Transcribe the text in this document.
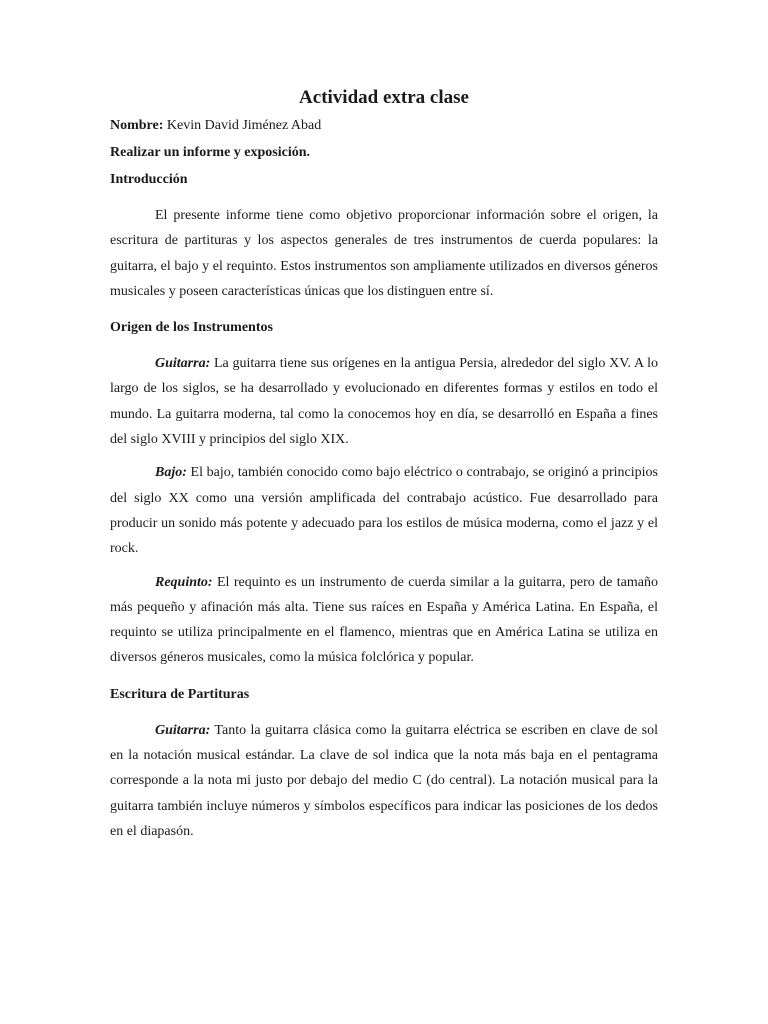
Actividad extra clase

Nombre: Kevin David Jiménez Abad

Realizar un informe y exposición.

Introducción

El presente informe tiene como objetivo proporcionar información sobre el origen, la escritura de partituras y los aspectos generales de tres instrumentos de cuerda populares: la guitarra, el bajo y el requinto. Estos instrumentos son ampliamente utilizados en diversos géneros musicales y poseen características únicas que los distinguen entre sí.

Origen de los Instrumentos

Guitarra: La guitarra tiene sus orígenes en la antigua Persia, alrededor del siglo XV. A lo largo de los siglos, se ha desarrollado y evolucionado en diferentes formas y estilos en todo el mundo. La guitarra moderna, tal como la conocemos hoy en día, se desarrolló en España a fines del siglo XVIII y principios del siglo XIX.

Bajo: El bajo, también conocido como bajo eléctrico o contrabajo, se originó a principios del siglo XX como una versión amplificada del contrabajo acústico. Fue desarrollado para producir un sonido más potente y adecuado para los estilos de música moderna, como el jazz y el rock.

Requinto: El requinto es un instrumento de cuerda similar a la guitarra, pero de tamaño más pequeño y afinación más alta. Tiene sus raíces en España y América Latina. En España, el requinto se utiliza principalmente en el flamenco, mientras que en América Latina se utiliza en diversos géneros musicales, como la música folclórica y popular.

Escritura de Partituras

Guitarra: Tanto la guitarra clásica como la guitarra eléctrica se escriben en clave de sol en la notación musical estándar. La clave de sol indica que la nota más baja en el pentagrama corresponde a la nota mi justo por debajo del medio C (do central). La notación musical para la guitarra también incluye números y símbolos específicos para indicar las posiciones de los dedos en el diapasón.
